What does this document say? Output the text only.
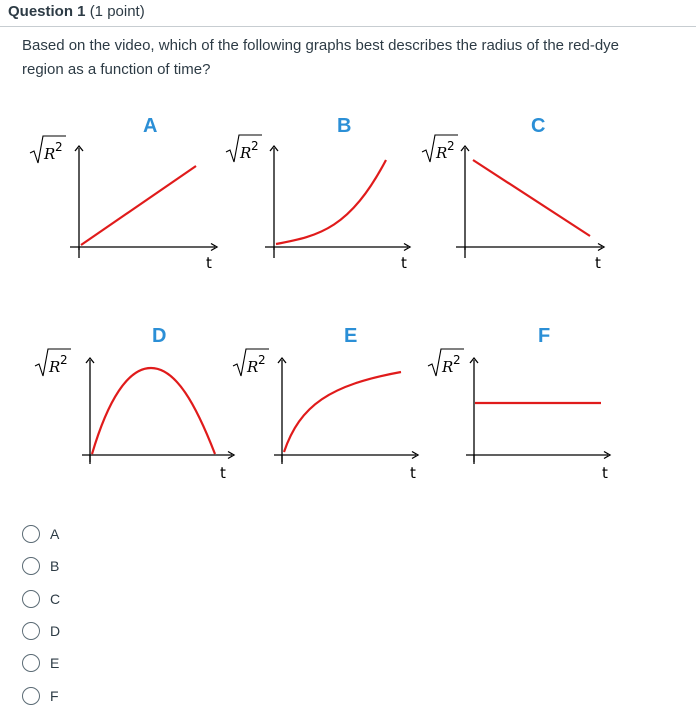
Question 1 (1 point)
Based on the video, which of the following graphs best describes the radius of the red-dye region as a function of time?
A
R 2
t
B
R 2
t
C
R 2
t
D
R 2
t
E
R 2
t
F
R 2
t
A
B
C
D
E
F
